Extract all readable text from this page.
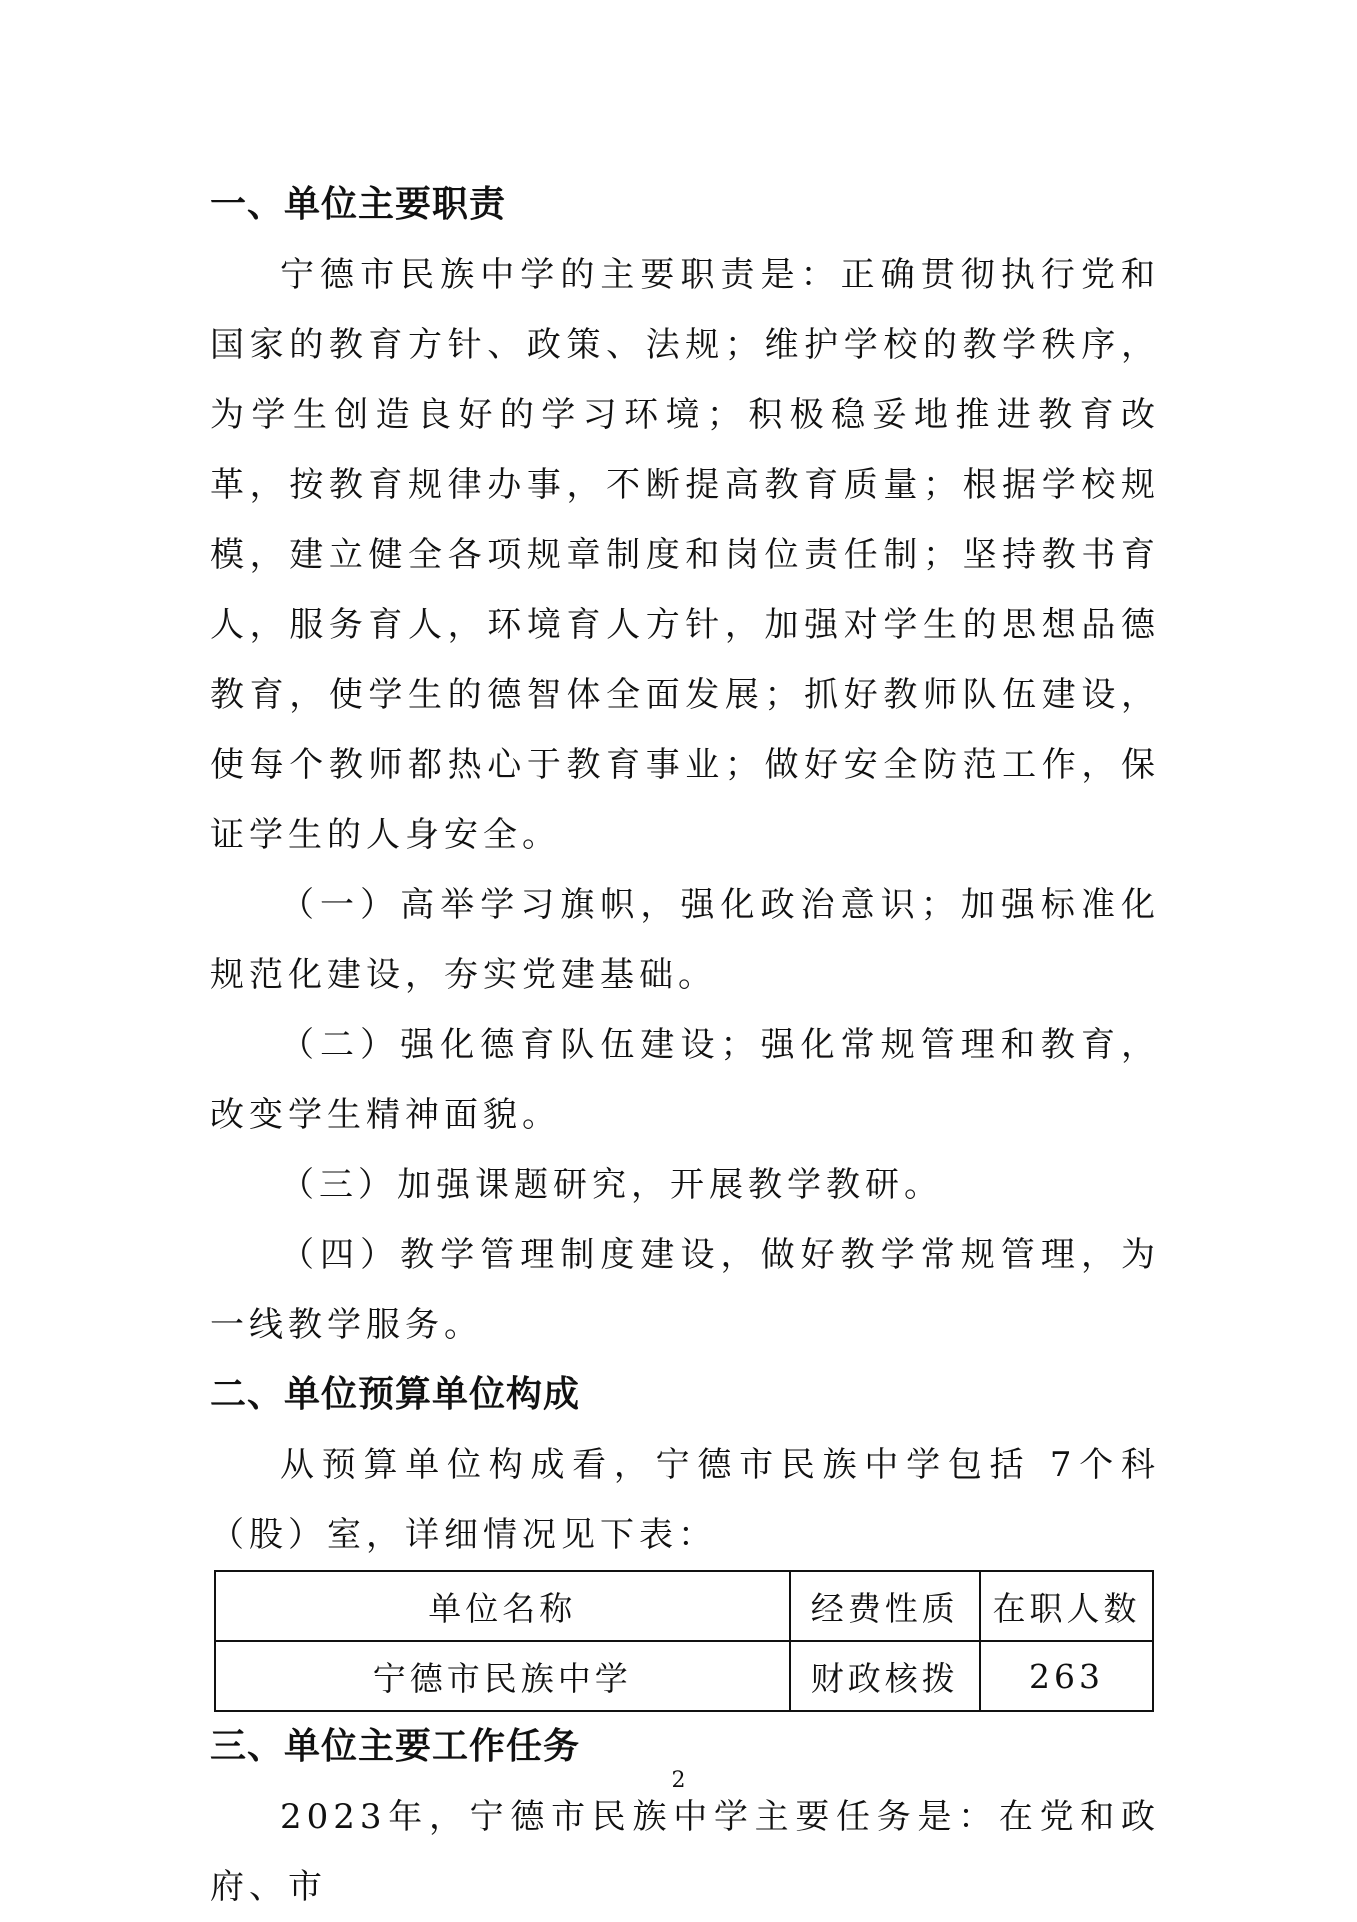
一、单位主要职责

宁德市民族中学的主要职责是：正确贯彻执行党和国家的教育方针、政策、法规；维护学校的教学秩序，为学生创造良好的学习环境；积极稳妥地推进教育改革，按教育规律办事，不断提高教育质量；根据学校规模，建立健全各项规章制度和岗位责任制；坚持教书育人，服务育人，环境育人方针，加强对学生的思想品德教育，使学生的德智体全面发展；抓好教师队伍建设，使每个教师都热心于教育事业；做好安全防范工作，保证学生的人身安全。

（一）高举学习旗帜，强化政治意识；加强标准化规范化建设，夯实党建基础。

（二）强化德育队伍建设；强化常规管理和教育，改变学生精神面貌。

（三）加强课题研究，开展教学教研。

（四）教学管理制度建设，做好教学常规管理，为一线教学服务。

二、单位预算单位构成

从预算单位构成看，宁德市民族中学包括 7个科（股）室，详细情况见下表：

单位名称	经费性质	在职人数
宁德市民族中学	财政核拨	263
三、单位主要工作任务

2023年，宁德市民族中学主要任务是：在党和政府、市

2
